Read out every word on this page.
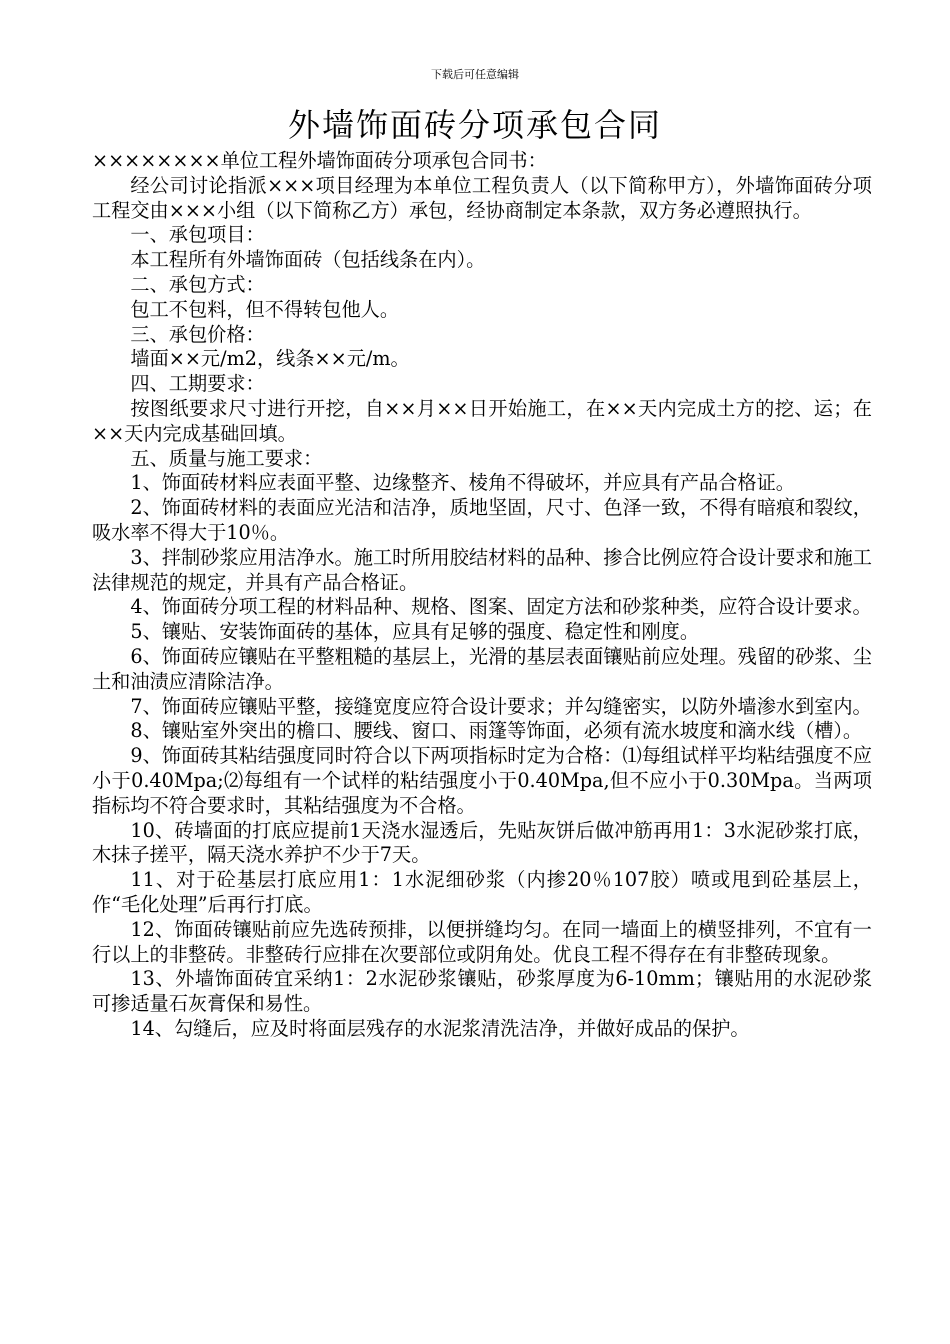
下载后可任意编辑
外墙饰面砖分项承包合同

××××××××单位工程外墙饰面砖分项承包合同书：

经公司讨论指派×××项目经理为本单位工程负责人（以下简称甲方），外墙饰面砖分项工程交由×××小组（以下简称乙方）承包，经协商制定本条款，双方务必遵照执行。

一、承包项目：

本工程所有外墙饰面砖（包括线条在内）。

二、承包方式：

包工不包料，但不得转包他人。

三、承包价格：

墙面××元/m2，线条××元/m。

四、工期要求：

按图纸要求尺寸进行开挖，自××月××日开始施工，在××天内完成土方的挖、运；在××天内完成基础回填。

五、质量与施工要求：

1、饰面砖材料应表面平整、边缘整齐、棱角不得破坏，并应具有产品合格证。

2、饰面砖材料的表面应光洁和洁净，质地坚固，尺寸、色泽一致，不得有暗痕和裂纹，吸水率不得大于10％。

3、拌制砂浆应用洁净水。施工时所用胶结材料的品种、掺合比例应符合设计要求和施工法律规范的规定，并具有产品合格证。

4、饰面砖分项工程的材料品种、规格、图案、固定方法和砂浆种类，应符合设计要求。

5、镶贴、安装饰面砖的基体，应具有足够的强度、稳定性和刚度。

6、饰面砖应镶贴在平整粗糙的基层上，光滑的基层表面镶贴前应处理。残留的砂浆、尘土和油渍应清除洁净。

7、饰面砖应镶贴平整，接缝宽度应符合设计要求；并勾缝密实，以防外墙渗水到室内。

8、镶贴室外突出的檐口、腰线、窗口、雨篷等饰面，必须有流水坡度和滴水线（槽）。

9、饰面砖其粘结强度同时符合以下两项指标时定为合格：⑴每组试样平均粘结强度不应小于0.40Mpa;⑵每组有一个试样的粘结强度小于0.40Mpa,但不应小于0.30Mpa。当两项指标均不符合要求时，其粘结强度为不合格。

10、砖墙面的打底应提前1天浇水湿透后，先贴灰饼后做冲筋再用1：3水泥砂浆打底，木抹子搓平，隔天浇水养护不少于7天。

11、对于砼基层打底应用1：1水泥细砂浆（内掺20％107胶）喷或甩到砼基层上，作“毛化处理”后再行打底。

12、饰面砖镶贴前应先选砖预排，以便拼缝均匀。在同一墙面上的横竖排列，不宜有一行以上的非整砖。非整砖行应排在次要部位或阴角处。优良工程不得存在有非整砖现象。

13、外墙饰面砖宜采纳1：2水泥砂浆镶贴，砂浆厚度为6-10mm；镶贴用的水泥砂浆可掺适量石灰膏保和易性。

14、勾缝后，应及时将面层残存的水泥浆清洗洁净，并做好成品的保护。
